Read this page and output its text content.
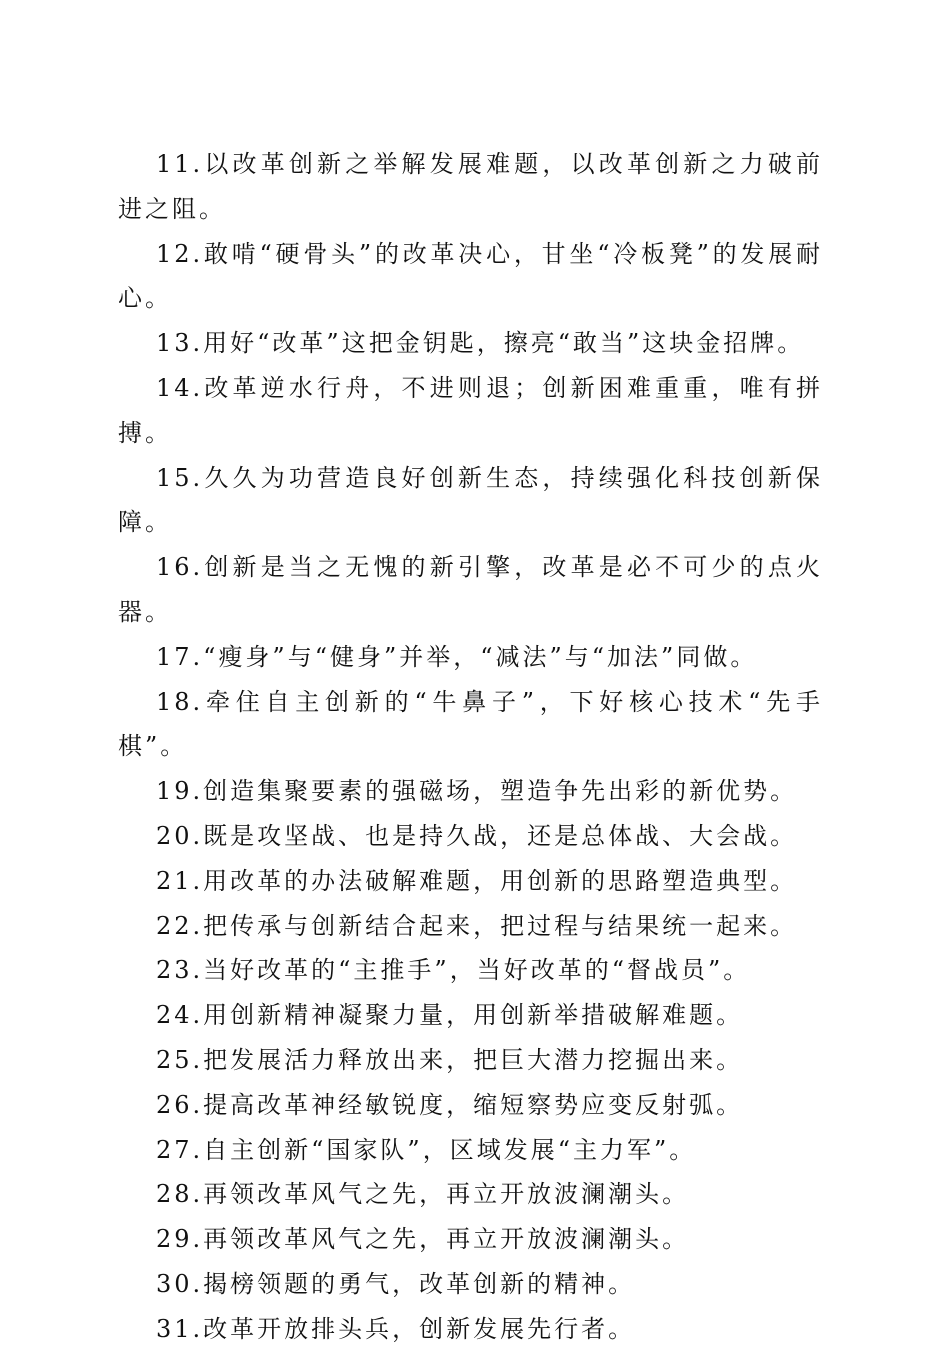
11.以改革创新之举解发展难题，以改革创新之力破前进之阻。

12.敢啃“硬骨头”的改革决心，甘坐“冷板凳”的发展耐心。

13.用好“改革”这把金钥匙，擦亮“敢当”这块金招牌。

14.改革逆水行舟，不进则退；创新困难重重，唯有拼搏。

15.久久为功营造良好创新生态，持续强化科技创新保障。

16.创新是当之无愧的新引擎，改革是必不可少的点火器。

17.“瘦身”与“健身”并举，“减法”与“加法”同做。

18.牵住自主创新的“牛鼻子”，下好核心技术“先手棋”。

19.创造集聚要素的强磁场，塑造争先出彩的新优势。

20.既是攻坚战、也是持久战，还是总体战、大会战。

21.用改革的办法破解难题，用创新的思路塑造典型。

22.把传承与创新结合起来，把过程与结果统一起来。

23.当好改革的“主推手”，当好改革的“督战员”。

24.用创新精神凝聚力量，用创新举措破解难题。

25.把发展活力释放出来，把巨大潜力挖掘出来。

26.提高改革神经敏锐度，缩短察势应变反射弧。

27.自主创新“国家队”，区域发展“主力军”。

28.再领改革风气之先，再立开放波澜潮头。

29.再领改革风气之先，再立开放波澜潮头。

30.揭榜领题的勇气，改革创新的精神。

31.改革开放排头兵，创新发展先行者。
